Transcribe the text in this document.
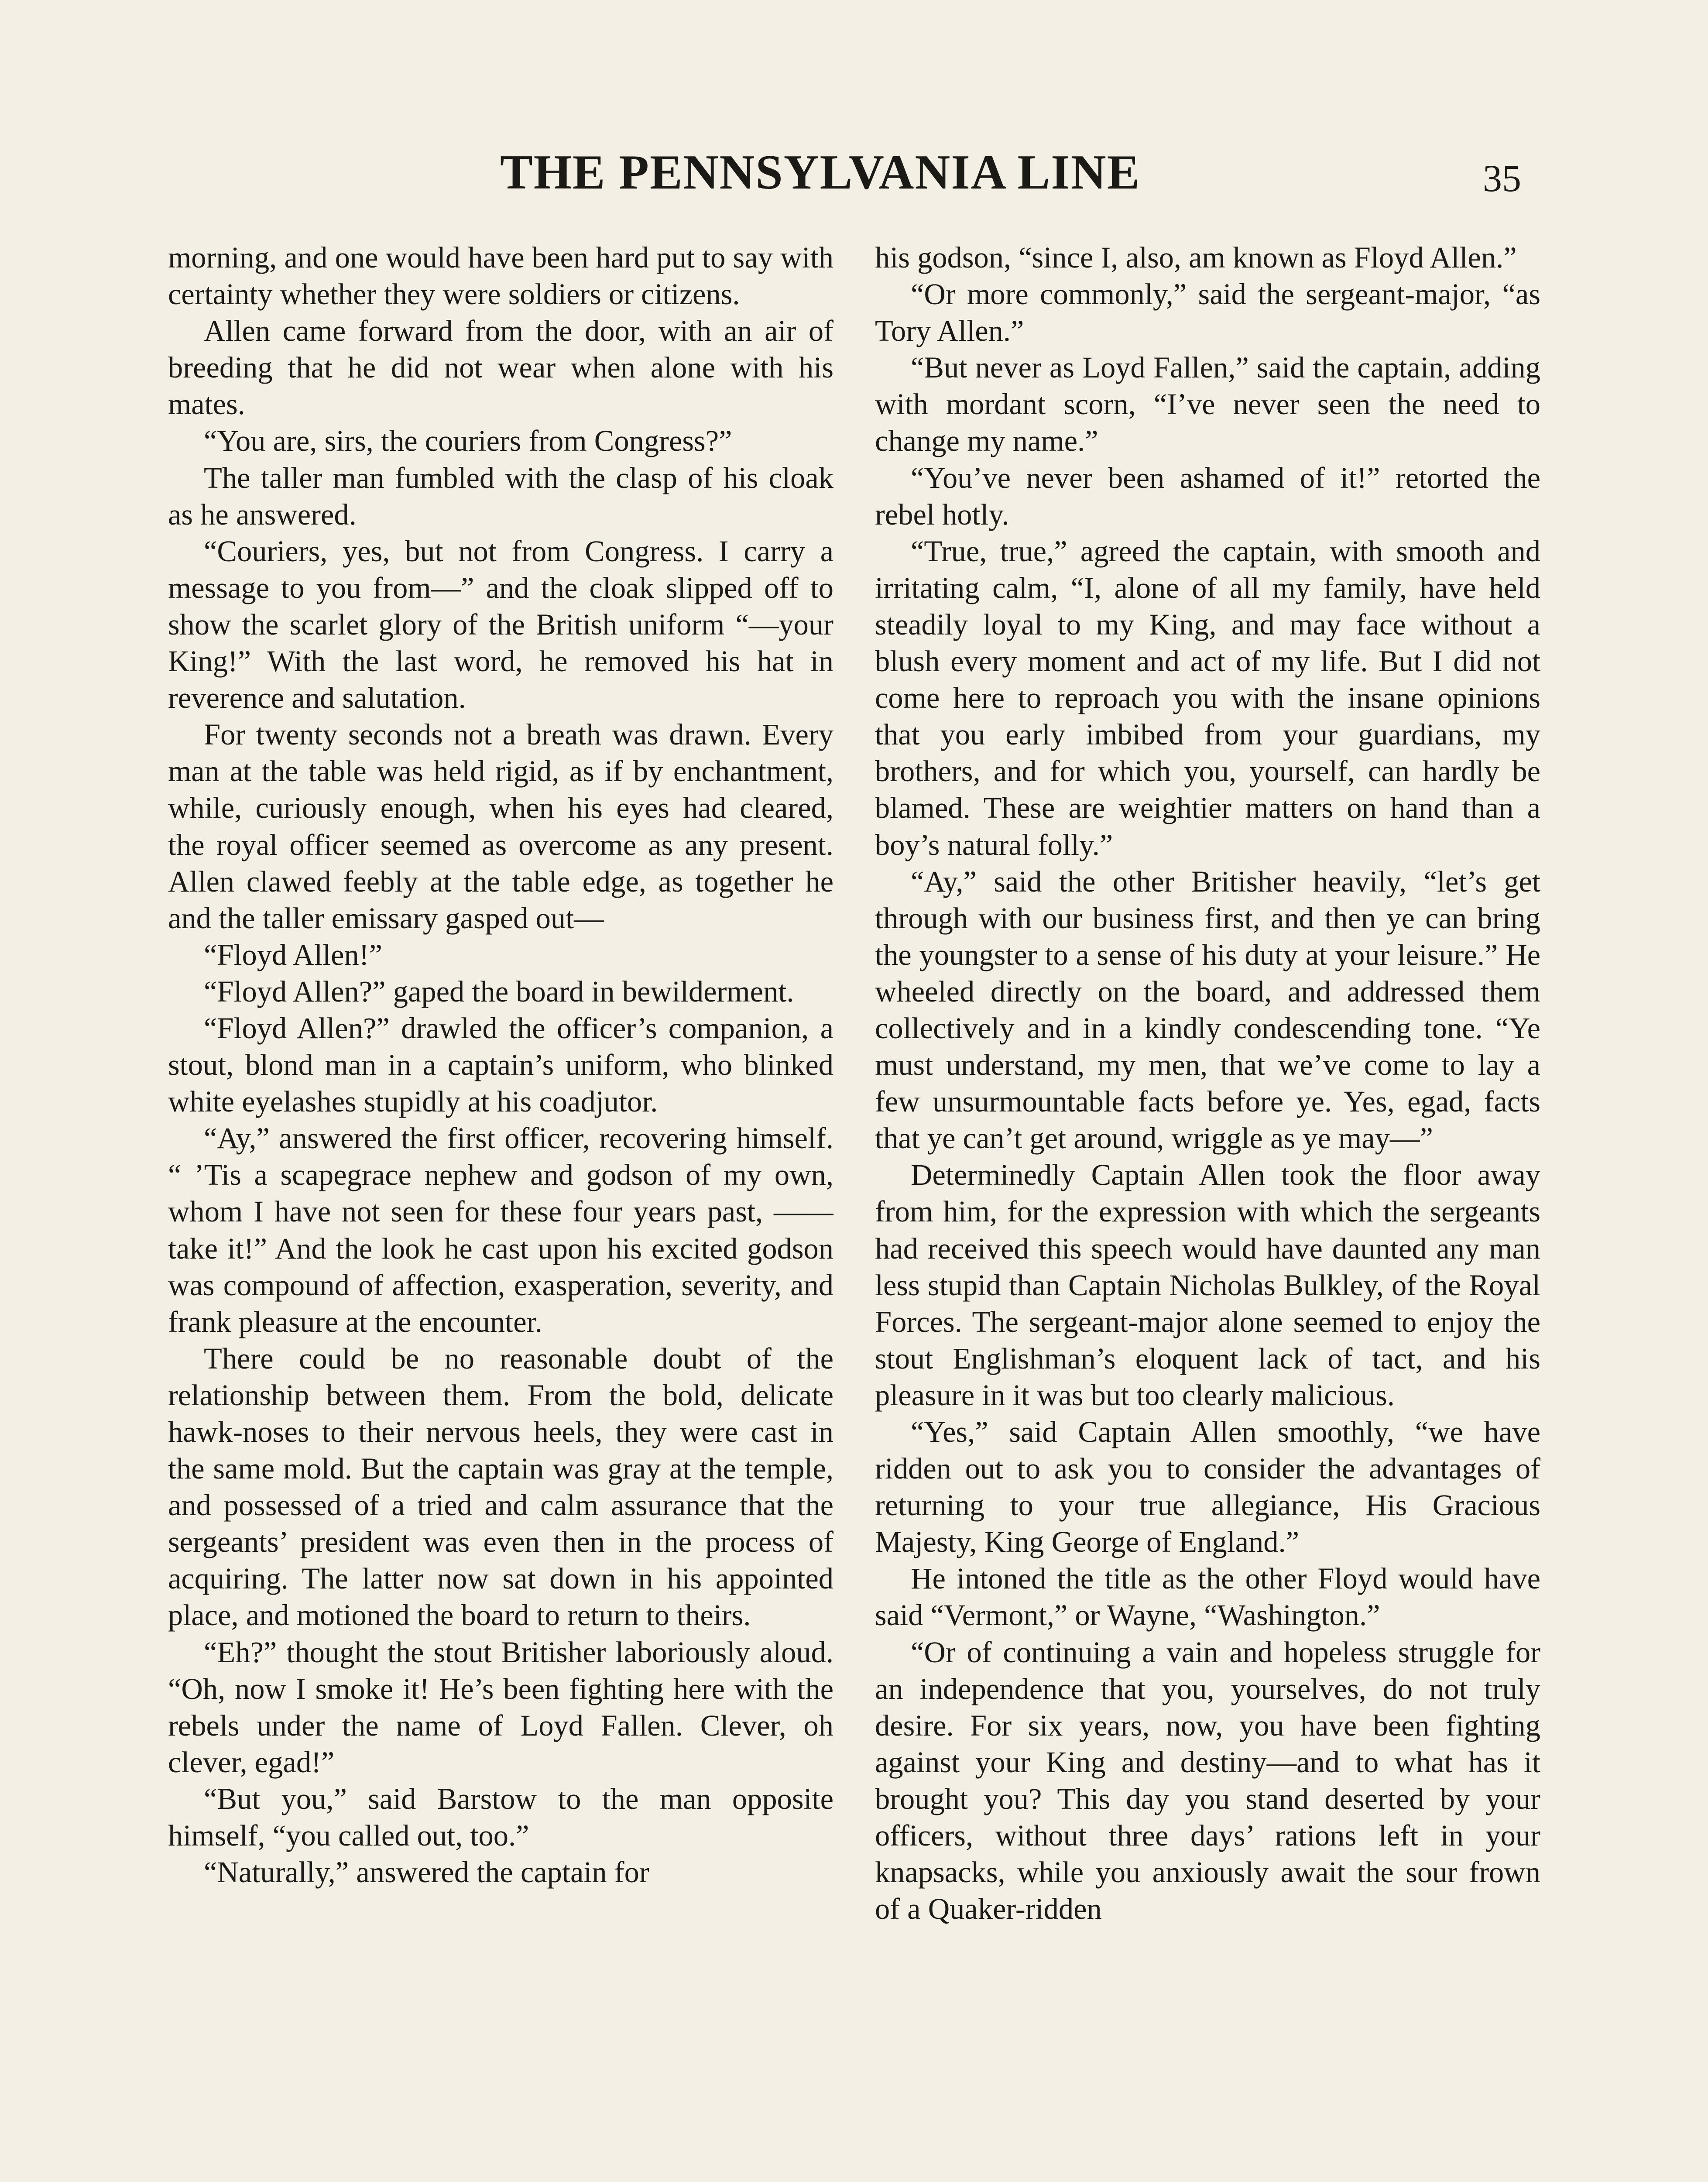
THE PENNSYLVANIA LINE	35

morning, and one would have been hard put to say with certainty whether they were soldiers or citizens.

Allen came forward from the door, with an air of breeding that he did not wear when alone with his mates.

“You are, sirs, the couriers from Congress?”

The taller man fumbled with the clasp of his cloak as he answered.

“Couriers, yes, but not from Congress. I carry a message to you from—” and the cloak slipped off to show the scarlet glory of the British uniform “—your King!” With the last word, he removed his hat in reverence and salutation.

For twenty seconds not a breath was drawn. Every man at the table was held rigid, as if by enchantment, while, curiously enough, when his eyes had cleared, the royal officer seemed as overcome as any present. Allen clawed feebly at the table edge, as together he and the taller emissary gasped out—

“Floyd Allen!”

“Floyd Allen?” gaped the board in bewilderment.

“Floyd Allen?” drawled the officer’s companion, a stout, blond man in a captain’s uniform, who blinked white eyelashes stupidly at his coadjutor.

“Ay,” answered the first officer, recovering himself. “ ’Tis a scapegrace nephew and godson of my own, whom I have not seen for these four years past, —— take it!” And the look he cast upon his excited godson was compound of affection, exasperation, severity, and frank pleasure at the encounter.

There could be no reasonable doubt of the relationship between them. From the bold, delicate hawk-noses to their nervous heels, they were cast in the same mold. But the captain was gray at the temple, and possessed of a tried and calm assurance that the sergeants’ president was even then in the process of acquiring. The latter now sat down in his appointed place, and motioned the board to return to theirs.

“Eh?” thought the stout Britisher laboriously aloud. “Oh, now I smoke it! He’s been fighting here with the rebels under the name of Loyd Fallen. Clever, oh clever, egad!”

“But you,” said Barstow to the man opposite himself, “you called out, too.”

“Naturally,” answered the captain for

his godson, “since I, also, am known as Floyd Allen.”

“Or more commonly,” said the sergeant-major, “as Tory Allen.”

“But never as Loyd Fallen,” said the captain, adding with mordant scorn, “I’ve never seen the need to change my name.”

“You’ve never been ashamed of it!” retorted the rebel hotly.

“True, true,” agreed the captain, with smooth and irritating calm, “I, alone of all my family, have held steadily loyal to my King, and may face without a blush every moment and act of my life. But I did not come here to reproach you with the insane opinions that you early imbibed from your guardians, my brothers, and for which you, yourself, can hardly be blamed. These are weightier matters on hand than a boy’s natural folly.”

“Ay,” said the other Britisher heavily, “let’s get through with our business first, and then ye can bring the youngster to a sense of his duty at your leisure.” He wheeled directly on the board, and addressed them collectively and in a kindly condescending tone. “Ye must understand, my men, that we’ve come to lay a few unsurmountable facts before ye. Yes, egad, facts that ye can’t get around, wriggle as ye may—”

Determinedly Captain Allen took the floor away from him, for the expression with which the sergeants had received this speech would have daunted any man less stupid than Captain Nicholas Bulkley, of the Royal Forces. The sergeant-major alone seemed to enjoy the stout Englishman’s eloquent lack of tact, and his pleasure in it was but too clearly malicious.

“Yes,” said Captain Allen smoothly, “we have ridden out to ask you to consider the advantages of returning to your true allegiance, His Gracious Majesty, King George of England.”

He intoned the title as the other Floyd would have said “Vermont,” or Wayne, “Washington.”

“Or of continuing a vain and hopeless struggle for an independence that you, yourselves, do not truly desire. For six years, now, you have been fighting against your King and destiny—and to what has it brought you? This day you stand deserted by your officers, without three days’ rations left in your knapsacks, while you anxiously await the sour frown of a Quaker-ridden
